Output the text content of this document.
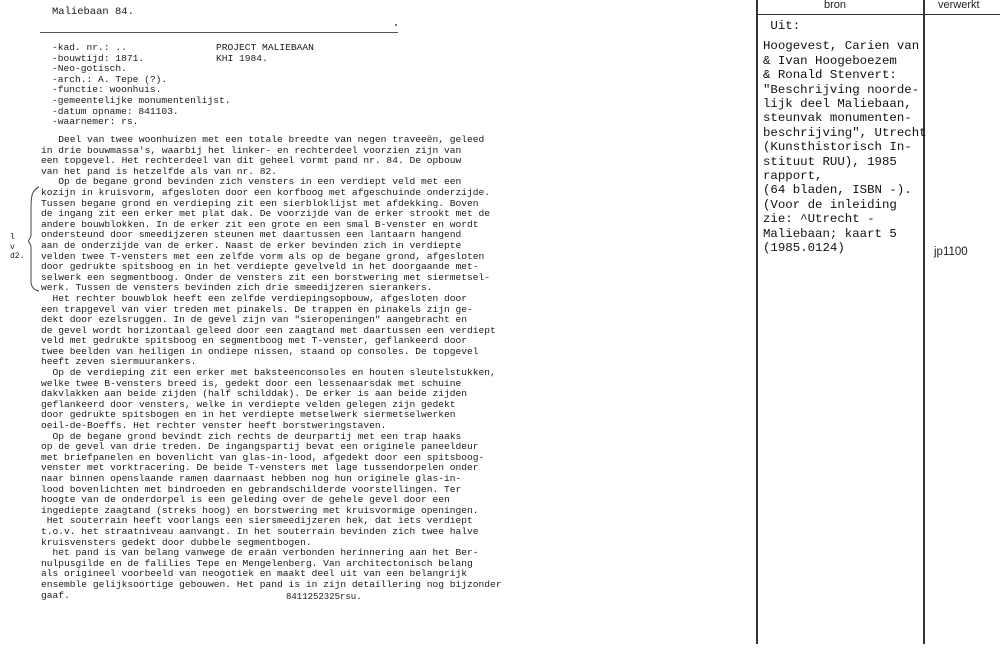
Maliebaan 84.
-kad. nr.: ..
-bouwtijd: 1871.
-Neo-gotisch.
-arch.: A. Tepe (?).
-functie: woonhuis.
-gemeentelijke monumentenlijst.
-datum opname: 841103.
-waarnemer: rs.
PROJECT MALIEBAAN
KHI 1984.
Deel van twee woonhuizen met een totale breedte van negen traveeën, geleed
in drie bouwmassa's, waarbij het linker- en rechterdeel voorzien zijn van
een topgevel. Het rechterdeel van dit geheel vormt pand nr. 84. De opbouw
van het pand is hetzelfde als van nr. 82.
Op de begane grond bevinden zich vensters in een verdiept veld met een
kozijn in kruisvorm, afgesloten door een korfboog met afgeschuinde onderzijde.
Tussen begane grond en verdieping zit een sierbloklijst met afdekking. Boven
de ingang zit een erker met plat dak. De voorzijde van de erker strookt met de
andere bouwblokken. In de erker zit een grote en een smal B-venster en wordt
ondersteund door smeedijzeren steunen met daartussen een lantaarn hangend
aan de onderzijde van de erker. Naast de erker bevinden zich in verdiepte
velden twee T-vensters met een zelfde vorm als op de begane grond, afgesloten
door gedrukte spitsboog en in het verdiepte gevelveld in het doorgaande met-
selwerk een segmentboog. Onder de vensters zit een borstwering met siermetsel-
werk. Tussen de vensters bevinden zich drie smeedijzeren sierankers.
Het rechter bouwblok heeft een zelfde verdiepingsopbouw, afgesloten door
een trapgevel van vier treden met pinakels. De trappen en pinakels zijn ge-
dekt door ezelsruggen. In de gevel zijn van "sieropeningen" aangebracht en
de gevel wordt horizontaal geleed door een zaagtand met daartussen een verdiept
veld met gedrukte spitsboog en segmentboog met T-venster, geflankeerd door
twee beelden van heiligen in ondiepe nissen, staand op consoles. De topgevel
heeft zeven siermuurankers.
Op de verdieping zit een erker met baksteenconsoles en houten sleutelstukken,
welke twee B-vensters breed is, gedekt door een lessenaarsdak met schuine
dakvlakken aan beide zijden (half schilddak). De erker is aan beide zijden
geflankeerd door vensters, welke in verdiepte velden gelegen zijn gedekt
door gedrukte spitsbogen en in het verdiepte metselwerk siermetselwerken
oeil-de-Boeffs. Het rechter venster heeft borstweringstaven.
Op de begane grond bevindt zich rechts de deurpartij met een trap haaks
op de gevel van drie treden. De ingangspartij bevat een originele paneeldeur
met briefpanelen en bovenlicht van glas-in-lood, afgedekt door een spitsboog-
venster met vorktracering. De beide T-vensters met lage tussendorpelen onder
naar binnen openslaande ramen daarnaast hebben nog hun originele glas-in-
lood bovenlichten met bindroeden en gebrandschilderde voorstellingen. Ter
hoogte van de onderdorpel is een geleding over de gehele gevel door een
ingediepte zaagtand (streks hoog) en borstwering met kruisvormige openingen.
Het souterrain heeft voorlangs een siersmeedijzeren hek, dat iets verdiept
t.o.v. het straatniveau aanvangt. In het souterrain bevinden zich twee halve
kruisvensters gedekt door dubbele segmentbogen.
het pand is van belang vanwege de eraän verbonden herinnering aan het Ber-
nulpusgilde en de falilies Tepe en Mengelenberg. Van architectonisch belang
als origineel voorbeeld van neogotiek en maakt deel uit van een belangrijk
ensemble gelijksoortige gebouwen. Het pand is in zijn detaillering nog bijzonder
gaaf.
l
v
d2.
8411252325rsu.
bron	verwerkt
Uit:
Hoogevest, Carien van
& Ivan Hoogeboezem
& Ronald Stenvert:
"Beschrijving noorde-
lijk deel Maliebaan,
steunvak monumenten-
beschrijving", Utrecht
(Kunsthistorisch In-
stituut RUU), 1985
rapport,
(64 bladen, ISBN -).
(Voor de inleiding
zie: ^Utrecht -
Maliebaan; kaart 5
(1985.0124)	jp1100
